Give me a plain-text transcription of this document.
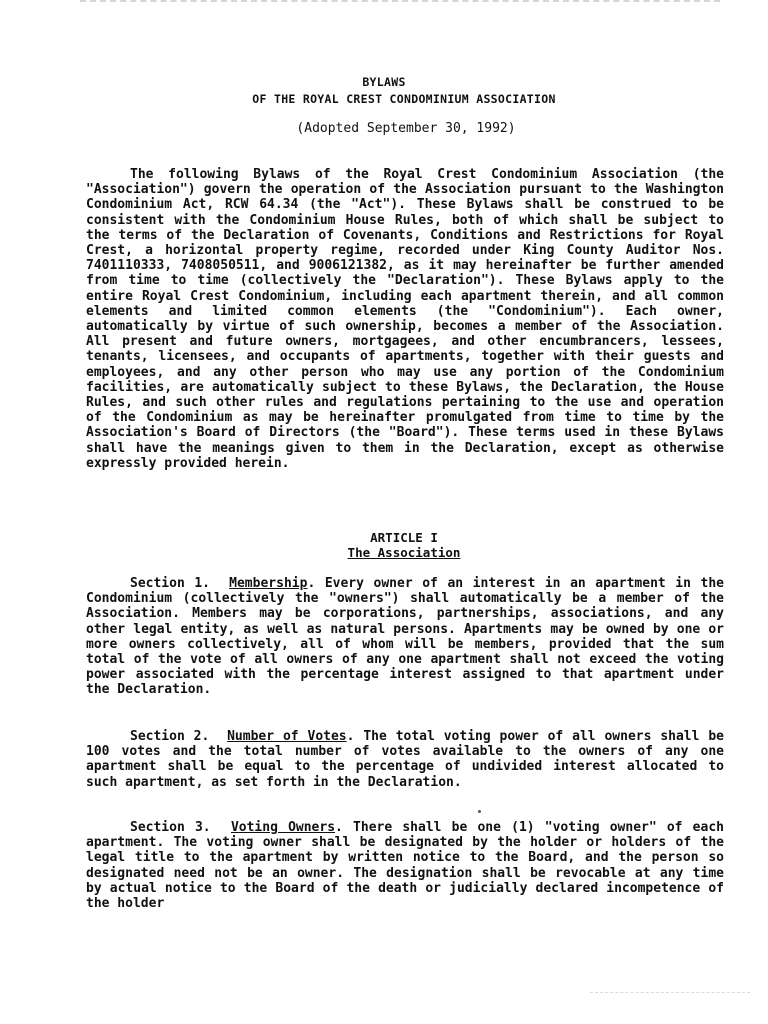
BYLAWS
OF THE ROYAL CREST CONDOMINIUM ASSOCIATION
(Adopted September 30, 1992)
The following Bylaws of the Royal Crest Condominium Association (the "Association") govern the operation of the Association pursuant to the Washington Condominium Act, RCW 64.34 (the "Act"). These Bylaws shall be construed to be consistent with the Condominium House Rules, both of which shall be subject to the terms of the Declaration of Covenants, Conditions and Restrictions for Royal Crest, a horizontal property regime, recorded under King County Auditor Nos. 7401110333, 7408050511, and 9006121382, as it may hereinafter be further amended from time to time (collectively the "Declaration"). These Bylaws apply to the entire Royal Crest Condominium, including each apartment therein, and all common elements and limited common elements (the "Condominium"). Each owner, automatically by virtue of such ownership, becomes a member of the Association. All present and future owners, mortgagees, and other encumbrancers, lessees, tenants, licensees, and occupants of apartments, together with their guests and employees, and any other person who may use any portion of the Condominium facilities, are automatically subject to these Bylaws, the Declaration, the House Rules, and such other rules and regulations pertaining to the use and operation of the Condominium as may be hereinafter promulgated from time to time by the Association's Board of Directors (the "Board"). These terms used in these Bylaws shall have the meanings given to them in the Declaration, except as otherwise expressly provided herein.
ARTICLE I
The Association
Section 1. Membership. Every owner of an interest in an apartment in the Condominium (collectively the "owners") shall automatically be a member of the Association. Members may be corporations, partnerships, associations, and any other legal entity, as well as natural persons. Apartments may be owned by one or more owners collectively, all of whom will be members, provided that the sum total of the vote of all owners of any one apartment shall not exceed the voting power associated with the percentage interest assigned to that apartment under the Declaration.
Section 2. Number of Votes. The total voting power of all owners shall be 100 votes and the total number of votes available to the owners of any one apartment shall be equal to the percentage of undivided interest allocated to such apartment, as set forth in the Declaration.
Section 3. Voting Owners. There shall be one (1) "voting owner" of each apartment. The voting owner shall be designated by the holder or holders of the legal title to the apartment by written notice to the Board, and the person so designated need not be an owner. The designation shall be revocable at any time by actual notice to the Board of the death or judicially declared incompetence of the holder
